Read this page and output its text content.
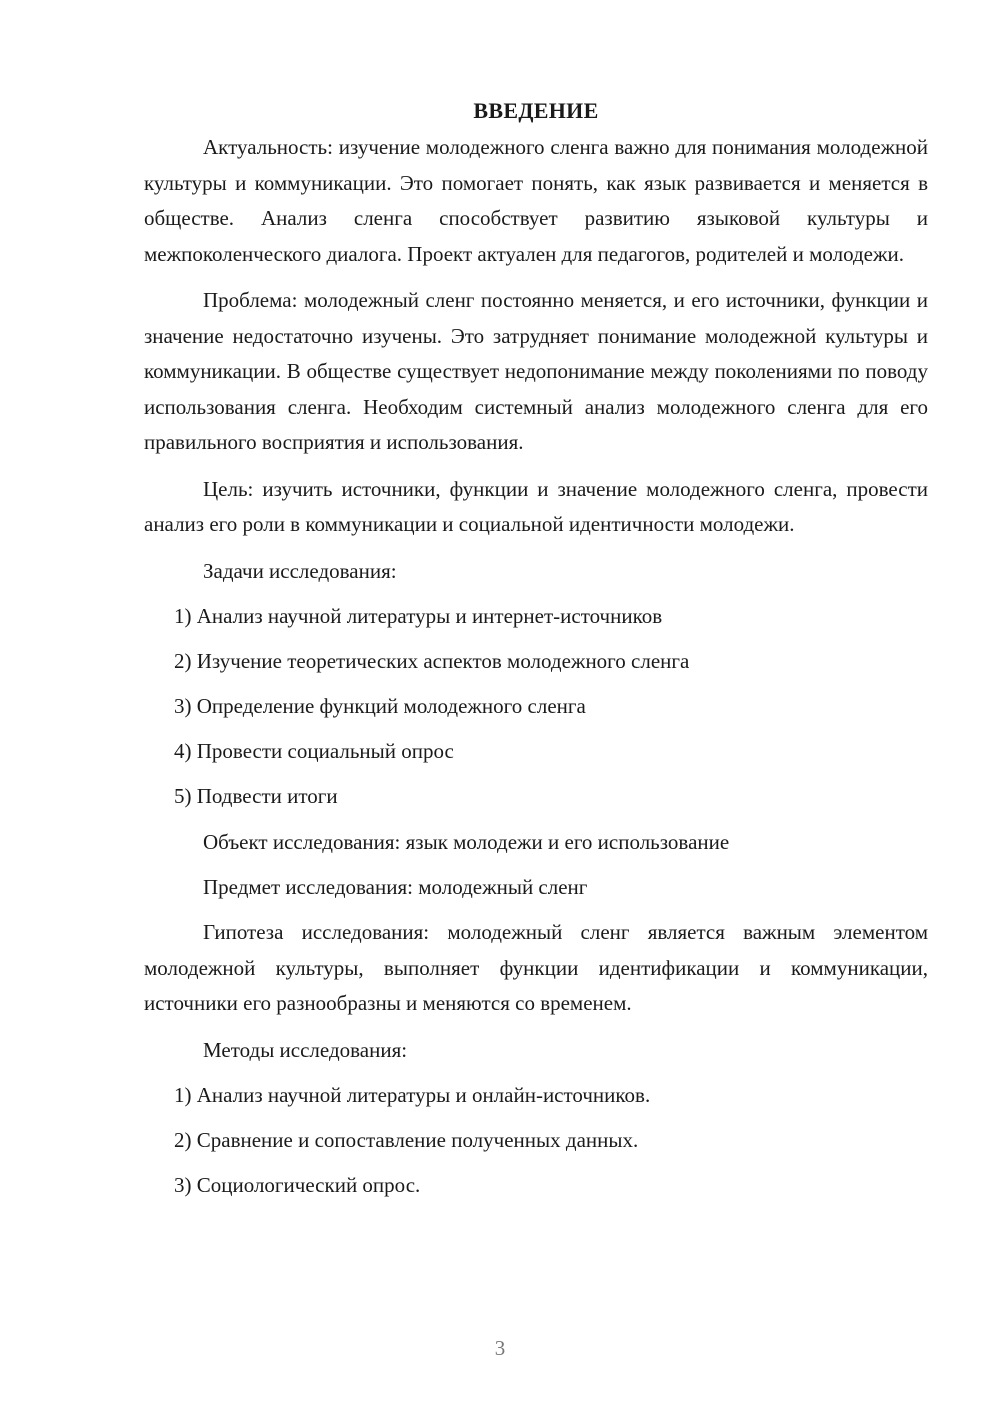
ВВЕДЕНИЕ

Актуальность: изучение молодежного сленга важно для понимания молодежной культуры и коммуникации. Это помогает понять, как язык развивается и меняется в обществе. Анализ сленга способствует развитию языковой культуры и межпоколенческого диалога. Проект актуален для педагогов, родителей и молодежи.

Проблема: молодежный сленг постоянно меняется, и его источники, функции и значение недостаточно изучены. Это затрудняет понимание молодежной культуры и коммуникации. В обществе существует недопонимание между поколениями по поводу использования сленга. Необходим системный анализ молодежного сленга для его правильного восприятия и использования.

Цель: изучить источники, функции и значение молодежного сленга, провести анализ его роли в коммуникации и социальной идентичности молодежи.

Задачи исследования:
1) Анализ научной литературы и интернет-источников
2) Изучение теоретических аспектов молодежного сленга
3) Определение функций молодежного сленга
4) Провести социальный опрос
5) Подвести итоги
Объект исследования: язык молодежи и его использование
Предмет исследования: молодежный сленг

Гипотеза исследования: молодежный сленг является важным элементом молодежной культуры, выполняет функции идентификации и коммуникации, источники его разнообразны и меняются со временем.

Методы исследования:
1) Анализ научной литературы и онлайн-источников.
2) Сравнение и сопоставление полученных данных.
3) Социологический опрос.
3
